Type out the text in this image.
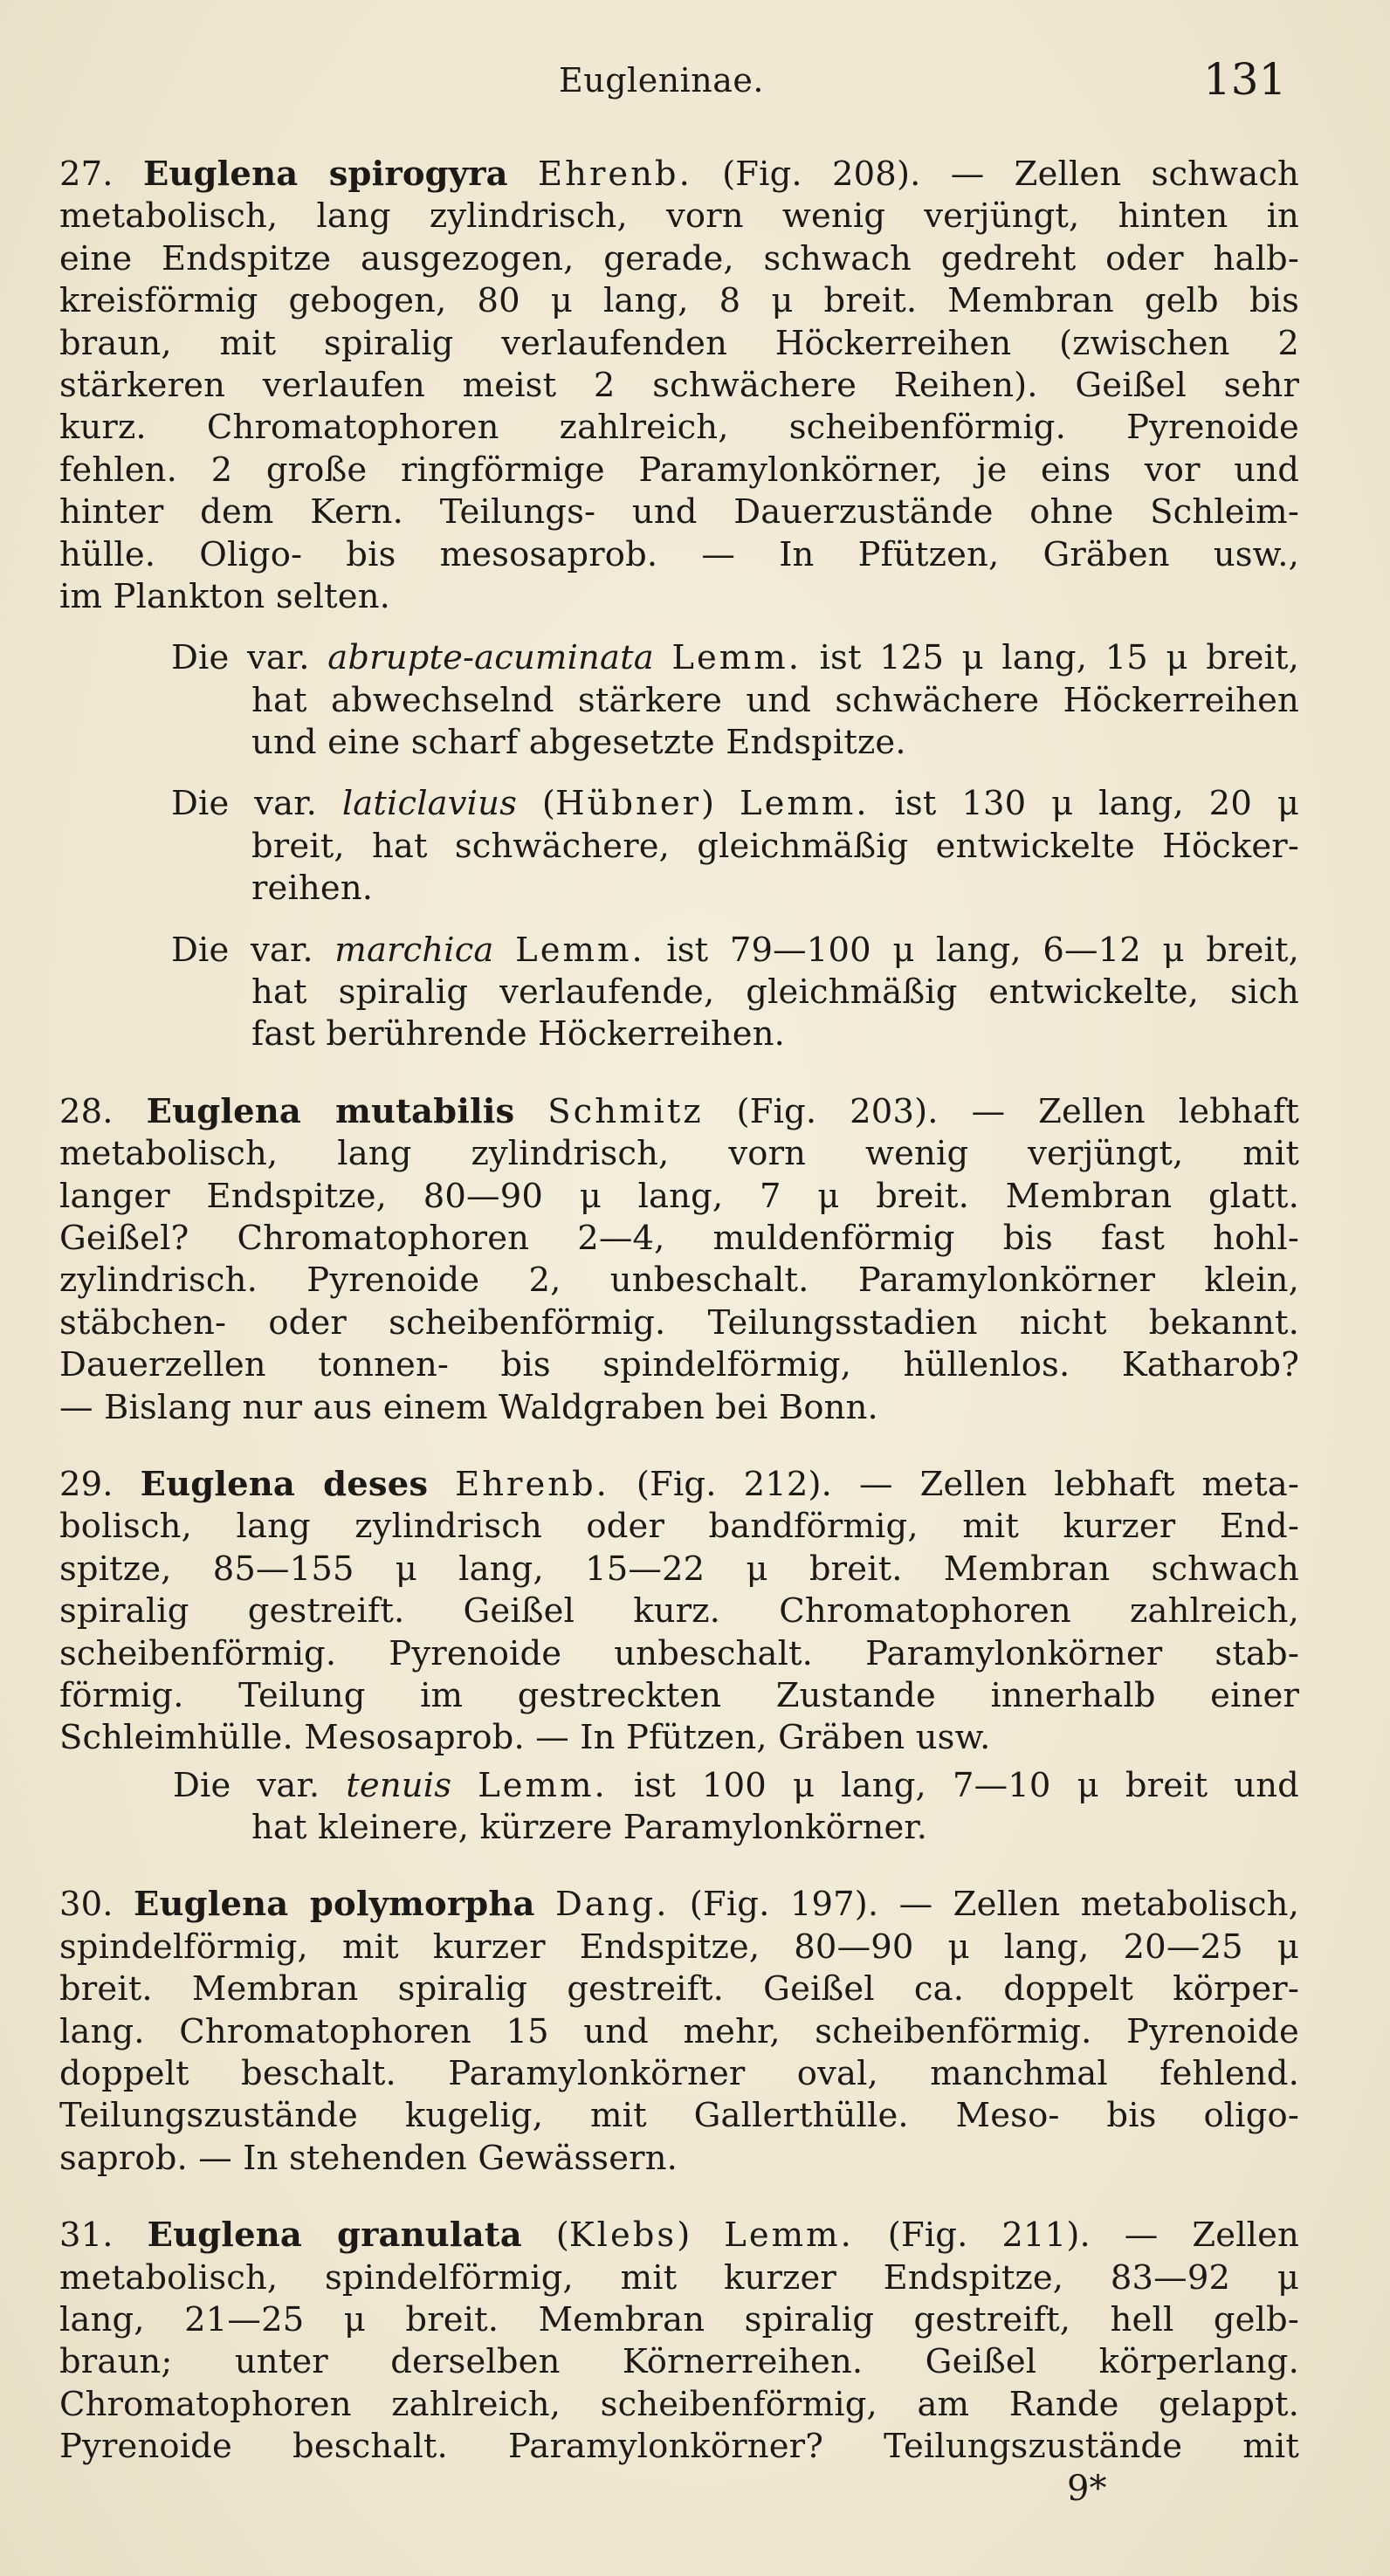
Eugleninae.	131
27. Euglena spirogyra Ehrenb. (Fig. 208). — Zellen schwach
metabolisch, lang zylindrisch, vorn wenig verjüngt, hinten in
eine Endspitze ausgezogen, gerade, schwach gedreht oder halb-
kreisförmig gebogen, 80 μ lang, 8 μ breit. Membran gelb bis
braun, mit spiralig verlaufenden Höckerreihen (zwischen 2
stärkeren verlaufen meist 2 schwächere Reihen). Geißel sehr
kurz. Chromatophoren zahlreich, scheibenförmig. Pyrenoide
fehlen. 2 große ringförmige Paramylonkörner, je eins vor und
hinter dem Kern. Teilungs- und Dauerzustände ohne Schleim-
hülle. Oligo- bis mesosaprob. — In Pfützen, Gräben usw.,
im Plankton selten.
Die var. abrupte-acuminata Lemm. ist 125 μ lang, 15 μ breit,
hat abwechselnd stärkere und schwächere Höckerreihen
und eine scharf abgesetzte Endspitze.
Die var. laticlavius (Hübner) Lemm. ist 130 μ lang, 20 μ
breit, hat schwächere, gleichmäßig entwickelte Höcker-
reihen.
Die var. marchica Lemm. ist 79—100 μ lang, 6—12 μ breit,
hat spiralig verlaufende, gleichmäßig entwickelte, sich
fast berührende Höckerreihen.
28. Euglena mutabilis Schmitz (Fig. 203). — Zellen lebhaft
metabolisch, lang zylindrisch, vorn wenig verjüngt, mit
langer Endspitze, 80—90 μ lang, 7 μ breit. Membran glatt.
Geißel? Chromatophoren 2—4, muldenförmig bis fast hohl-
zylindrisch. Pyrenoide 2, unbeschalt. Paramylonkörner klein,
stäbchen- oder scheibenförmig. Teilungsstadien nicht bekannt.
Dauerzellen tonnen- bis spindelförmig, hüllenlos. Katharob?
— Bislang nur aus einem Waldgraben bei Bonn.
29. Euglena deses Ehrenb. (Fig. 212). — Zellen lebhaft meta-
bolisch, lang zylindrisch oder bandförmig, mit kurzer End-
spitze, 85—155 μ lang, 15—22 μ breit. Membran schwach
spiralig gestreift. Geißel kurz. Chromatophoren zahlreich,
scheibenförmig. Pyrenoide unbeschalt. Paramylonkörner stab-
förmig. Teilung im gestreckten Zustande innerhalb einer
Schleimhülle. Mesosaprob. — In Pfützen, Gräben usw.
Die var. tenuis Lemm. ist 100 μ lang, 7—10 μ breit und
hat kleinere, kürzere Paramylonkörner.
30. Euglena polymorpha Dang. (Fig. 197). — Zellen metabolisch,
spindelförmig, mit kurzer Endspitze, 80—90 μ lang, 20—25 μ
breit. Membran spiralig gestreift. Geißel ca. doppelt körper-
lang. Chromatophoren 15 und mehr, scheibenförmig. Pyrenoide
doppelt beschalt. Paramylonkörner oval, manchmal fehlend.
Teilungszustände kugelig, mit Gallerthülle. Meso- bis oligo-
saprob. — In stehenden Gewässern.
31. Euglena granulata (Klebs) Lemm. (Fig. 211). — Zellen
metabolisch, spindelförmig, mit kurzer Endspitze, 83—92 μ
lang, 21—25 μ breit. Membran spiralig gestreift, hell gelb-
braun; unter derselben Körnerreihen. Geißel körperlang.
Chromatophoren zahlreich, scheibenförmig, am Rande gelappt.
Pyrenoide beschalt. Paramylonkörner? Teilungszustände mit
9*
